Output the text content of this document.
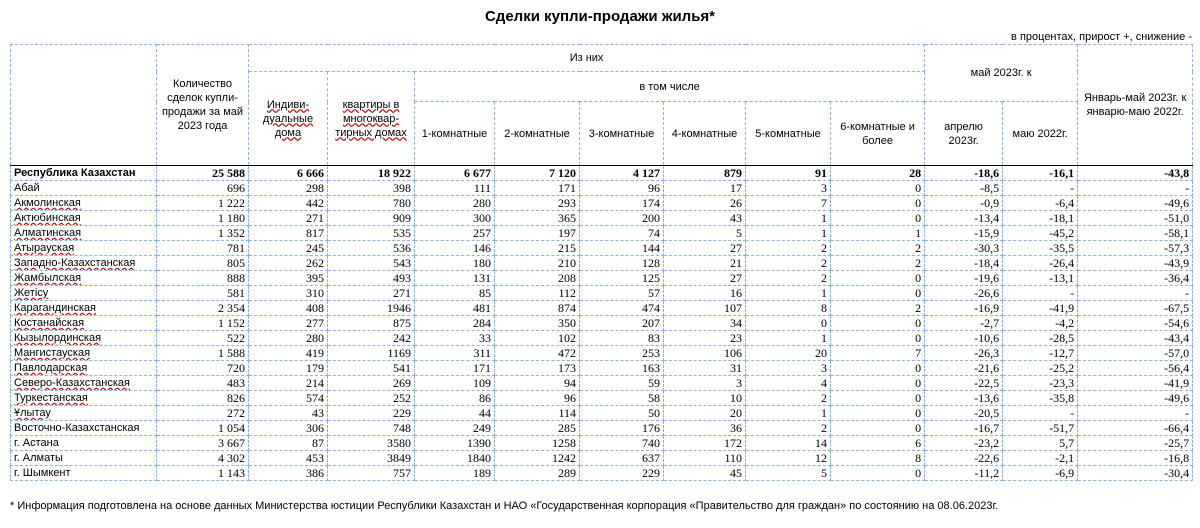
Сделки купли-продажи жилья*
в процентах, прирост +, снижение -
	Количество сделок купли-продажи за май 2023 года	Из них								май 2023г. к		Январь-май 2023г. к январю-маю 2022г.
		Индиви-дуальные дома	квартиры в многоквар-тирных домах	в том числе								
				1-комнатные	2-комнатные	3-комнатные	4-комнатные	5-комнатные	6-комнатные и более	апрелю 2023г.	маю 2022г.	
Республика Казахстан	25 588	6 666	18 922	6 677	7 120	4 127	879	91	28	-18,6	-16,1	-43,8
Абай	696	298	398	111	171	96	17	3	0	-8,5	-	-
Акмолинская	1 222	442	780	280	293	174	26	7	0	-0,9	-6,4	-49,6
Актюбинская	1 180	271	909	300	365	200	43	1	0	-13,4	-18,1	-51,0
Алматинская	1 352	817	535	257	197	74	5	1	1	-15,9	-45,2	-58,1
Атырауская	781	245	536	146	215	144	27	2	2	-30,3	-35,5	-57,3
Западно-Казахстанская	805	262	543	180	210	128	21	2	2	-18,4	-26,4	-43,9
Жамбылская	888	395	493	131	208	125	27	2	0	-19,6	-13,1	-36,4
Жетісу	581	310	271	85	112	57	16	1	0	-26,6	-	-
Карагандинская	2 354	408	1946	481	874	474	107	8	2	-16,9	-41,9	-67,5
Костанайская	1 152	277	875	284	350	207	34	0	0	-2,7	-4,2	-54,6
Кызылординская	522	280	242	33	102	83	23	1	0	-10,6	-28,5	-43,4
Мангистауская	1 588	419	1169	311	472	253	106	20	7	-26,3	-12,7	-57,0
Павлодарская	720	179	541	171	173	163	31	3	0	-21,6	-25,2	-56,4
Северо-Казахстанская	483	214	269	109	94	59	3	4	0	-22,5	-23,3	-41,9
Туркестанская	826	574	252	86	96	58	10	2	0	-13,6	-35,8	-49,6
Ұлытау	272	43	229	44	114	50	20	1	0	-20,5	-	-
Восточно-Казахстанская	1 054	306	748	249	285	176	36	2	0	-16,7	-51,7	-66,4
г. Астана	3 667	87	3580	1390	1258	740	172	14	6	-23,2	5,7	-25,7
г. Алматы	4 302	453	3849	1840	1242	637	110	12	8	-22,6	-2,1	-16,8
г. Шымкент	1 143	386	757	189	289	229	45	5	0	-11,2	-6,9	-30,4
* Информация подготовлена на основе данных Министерства юстиции Республики Казахстан и НАО «Государственная корпорация «Правительство для граждан» по состоянию на 08.06.2023г.
